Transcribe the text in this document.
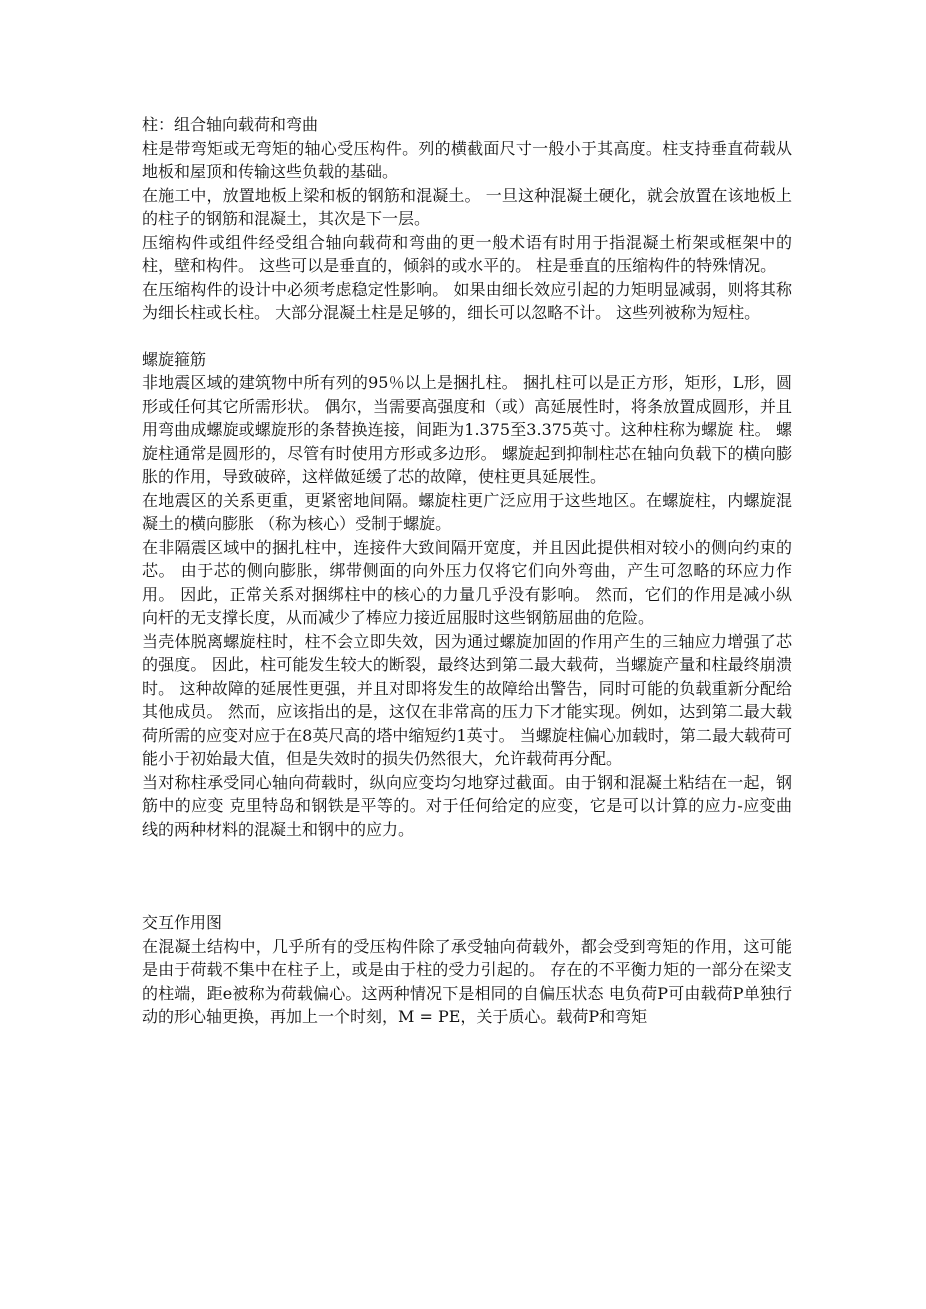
柱：组合轴向载荷和弯曲

柱是带弯矩或无弯矩的轴心受压构件。列的横截面尺寸一般小于其高度。柱支持垂直荷载从地板和屋顶和传输这些负载的基础。

在施工中，放置地板上梁和板的钢筋和混凝土。 一旦这种混凝土硬化，就会放置在该地板上的柱子的钢筋和混凝土，其次是下一层。

压缩构件或组件经受组合轴向载荷和弯曲的更一般术语有时用于指混凝土桁架或框架中的柱，壁和构件。 这些可以是垂直的，倾斜的或水平的。 柱是垂直的压缩构件的特殊情况。

在压缩构件的设计中必须考虑稳定性影响。 如果由细长效应引起的力矩明显减弱，则将其称为细长柱或长柱。 大部分混凝土柱是足够的，细长可以忽略不计。 这些列被称为短柱。

螺旋箍筋

非地震区域的建筑物中所有列的95％以上是捆扎柱。 捆扎柱可以是正方形，矩形，L形，圆形或任何其它所需形状。 偶尔，当需要高强度和（或）高延展性时，将条放置成圆形，并且用弯曲成螺旋或螺旋形的条替换连接，间距为1.375至3.375英寸。这种柱称为螺旋 柱。 螺旋柱通常是圆形的，尽管有时使用方形或多边形。 螺旋起到抑制柱芯在轴向负载下的横向膨胀的作用，导致破碎，这样做延缓了芯的故障，使柱更具延展性。

在地震区的关系更重，更紧密地间隔。螺旋柱更广泛应用于这些地区。在螺旋柱，内螺旋混凝土的横向膨胀 （称为核心）受制于螺旋。

在非隔震区域中的捆扎柱中，连接件大致间隔开宽度，并且因此提供相对较小的侧向约束的芯。 由于芯的侧向膨胀，绑带侧面的向外压力仅将它们向外弯曲，产生可忽略的环应力作用。 因此，正常关系对捆绑柱中的核心的力量几乎没有影响。 然而，它们的作用是减小纵向杆的无支撑长度，从而减少了棒应力接近屈服时这些钢筋屈曲的危险。

当壳体脱离螺旋柱时，柱不会立即失效，因为通过螺旋加固的作用产生的三轴应力增强了芯的强度。 因此，柱可能发生较大的断裂，最终达到第二最大载荷，当螺旋产量和柱最终崩溃时。 这种故障的延展性更强，并且对即将发生的故障给出警告，同时可能的负载重新分配给其他成员。 然而，应该指出的是，这仅在非常高的压力下才能实现。例如，达到第二最大载荷所需的应变对应于在8英尺高的塔中缩短约1英寸。 当螺旋柱偏心加载时，第二最大载荷可能小于初始最大值，但是失效时的损失仍然很大，允许载荷再分配。

当对称柱承受同心轴向荷载时，纵向应变均匀地穿过截面。由于钢和混凝土粘结在一起，钢筋中的应变 克里特岛和钢铁是平等的。对于任何给定的应变，它是可以计算的应力-应变曲线的两种材料的混凝土和钢中的应力。

交互作用图

在混凝土结构中，几乎所有的受压构件除了承受轴向荷载外，都会受到弯矩的作用，这可能是由于荷载不集中在柱子上，或是由于柱的受力引起的。 存在的不平衡力矩的一部分在梁支的柱端，距e被称为荷载偏心。这两种情况下是相同的自偏压状态 电负荷P可由载荷P单独行动的形心轴更换，再加上一个时刻，M = PE，关于质心。载荷P和弯矩
